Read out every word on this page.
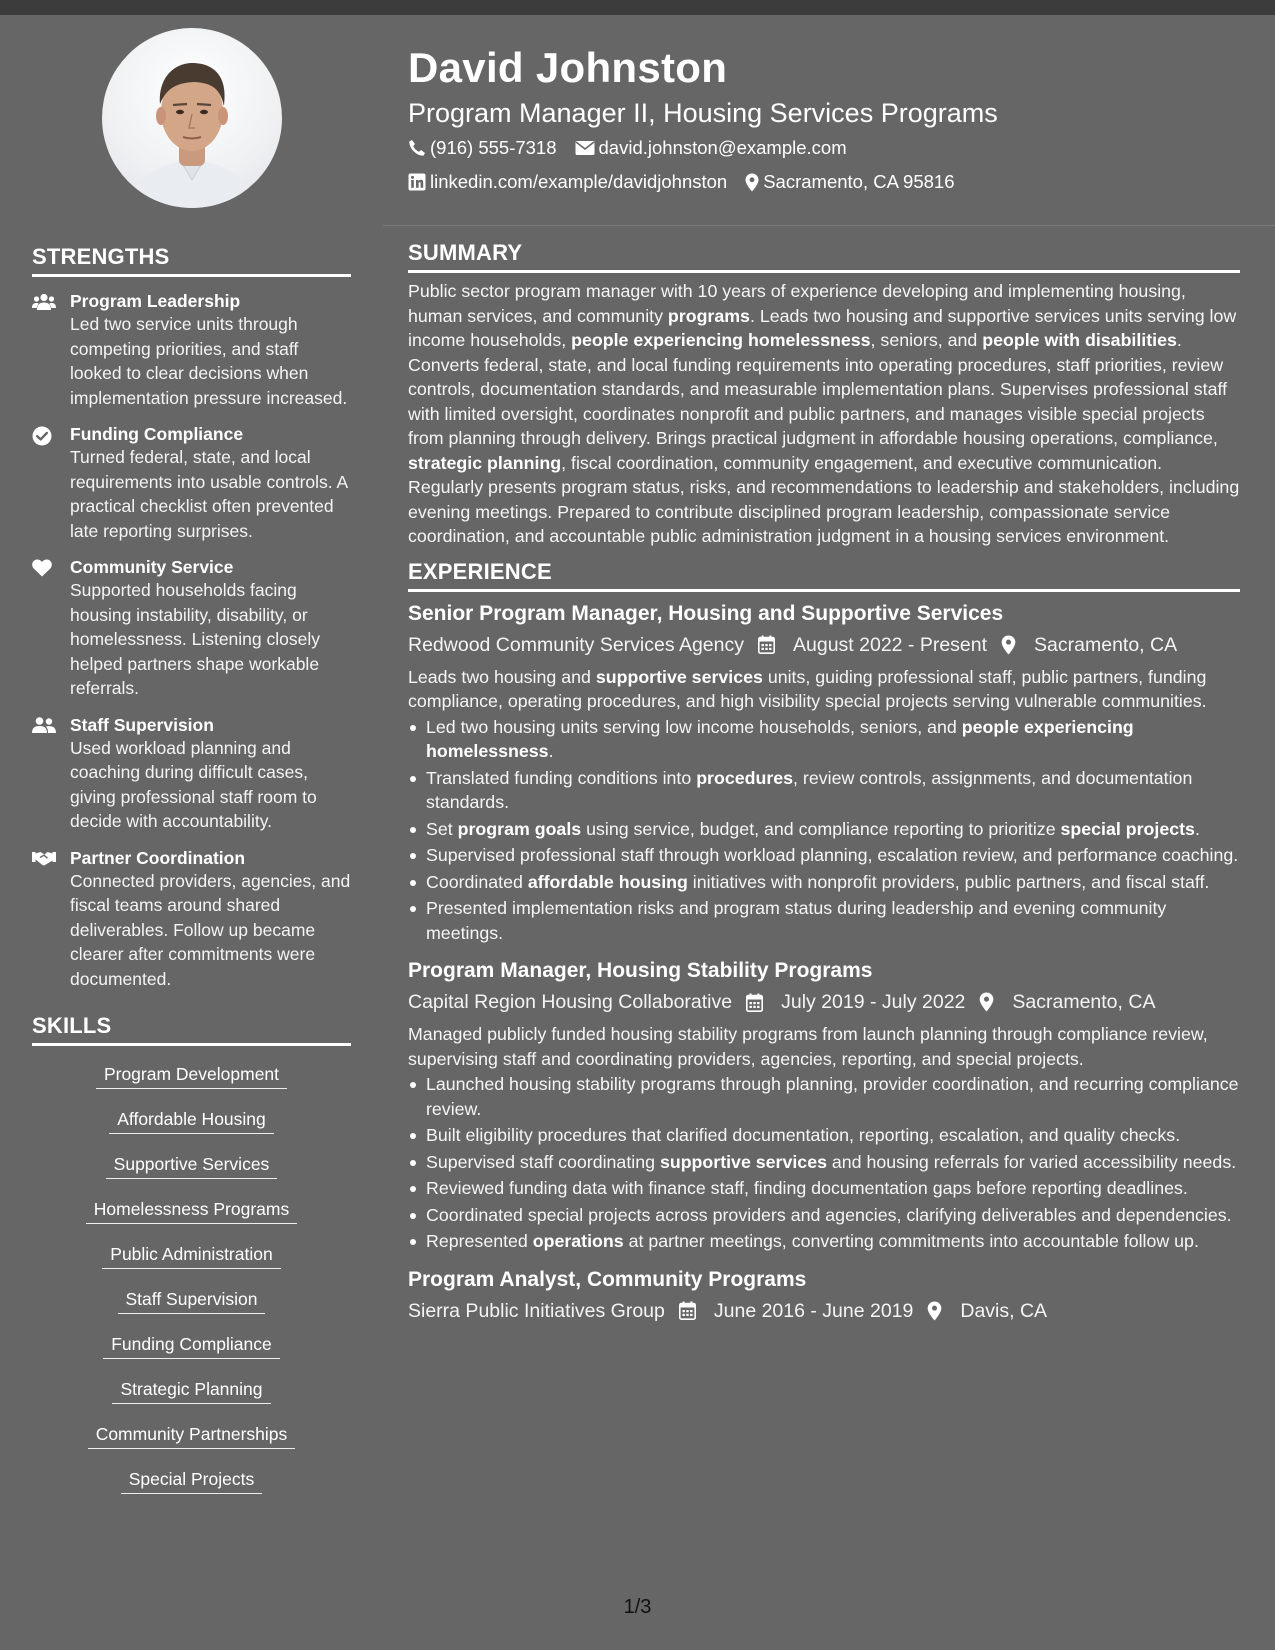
STRENGTHS
Program Leadership
Led two service units through competing priorities, and staff looked to clear decisions when implementation pressure increased.
Funding Compliance
Turned federal, state, and local requirements into usable controls. A practical checklist often prevented late reporting surprises.
Community Service
Supported households facing housing instability, disability, or homelessness. Listening closely helped partners shape workable referrals.
Staff Supervision
Used workload planning and coaching during difficult cases, giving professional staff room to decide with accountability.
Partner Coordination
Connected providers, agencies, and fiscal teams around shared deliverables. Follow up became clearer after commitments were documented.
SKILLS
Program Development
Affordable Housing
Supportive Services
Homelessness Programs
Public Administration
Staff Supervision
Funding Compliance
Strategic Planning
Community Partnerships
Special Projects
David Johnston
Program Manager II, Housing Services Programs
(916) 555-7318 david.johnston@example.com
linkedin.com/example/davidjohnston Sacramento, CA 95816
SUMMARY
Public sector program manager with 10 years of experience developing and implementing housing, human services, and community programs. Leads two housing and supportive services units serving low income households, people experiencing homelessness, seniors, and people with disabilities. Converts federal, state, and local funding requirements into operating procedures, staff priorities, review controls, documentation standards, and measurable implementation plans. Supervises professional staff with limited oversight, coordinates nonprofit and public partners, and manages visible special projects from planning through delivery. Brings practical judgment in affordable housing operations, compliance, strategic planning, fiscal coordination, community engagement, and executive communication. Regularly presents program status, risks, and recommendations to leadership and stakeholders, including evening meetings. Prepared to contribute disciplined program leadership, compassionate service coordination, and accountable public administration judgment in a housing services environment.
EXPERIENCE
Senior Program Manager, Housing and Supportive Services
Redwood Community Services Agency	August 2022 - Present Sacramento, CA
Leads two housing and supportive services units, guiding professional staff, public partners, funding compliance, operating procedures, and high visibility special projects serving vulnerable communities.
Led two housing units serving low income households, seniors, and people experiencing homelessness.
Translated funding conditions into procedures, review controls, assignments, and documentation standards.
Set program goals using service, budget, and compliance reporting to prioritize special projects.
Supervised professional staff through workload planning, escalation review, and performance coaching.
Coordinated affordable housing initiatives with nonprofit providers, public partners, and fiscal staff.
Presented implementation risks and program status during leadership and evening community meetings.
Program Manager, Housing Stability Programs
Capital Region Housing Collaborative	July 2019 - July 2022 Sacramento, CA
Managed publicly funded housing stability programs from launch planning through compliance review, supervising staff and coordinating providers, agencies, reporting, and special projects.
Launched housing stability programs through planning, provider coordination, and recurring compliance review.
Built eligibility procedures that clarified documentation, reporting, escalation, and quality checks.
Supervised staff coordinating supportive services and housing referrals for varied accessibility needs.
Reviewed funding data with finance staff, finding documentation gaps before reporting deadlines.
Coordinated special projects across providers and agencies, clarifying deliverables and dependencies.
Represented operations at partner meetings, converting commitments into accountable follow up.
Program Analyst, Community Programs
Sierra Public Initiatives Group	June 2016 - June 2019 Davis, CA
1/3
